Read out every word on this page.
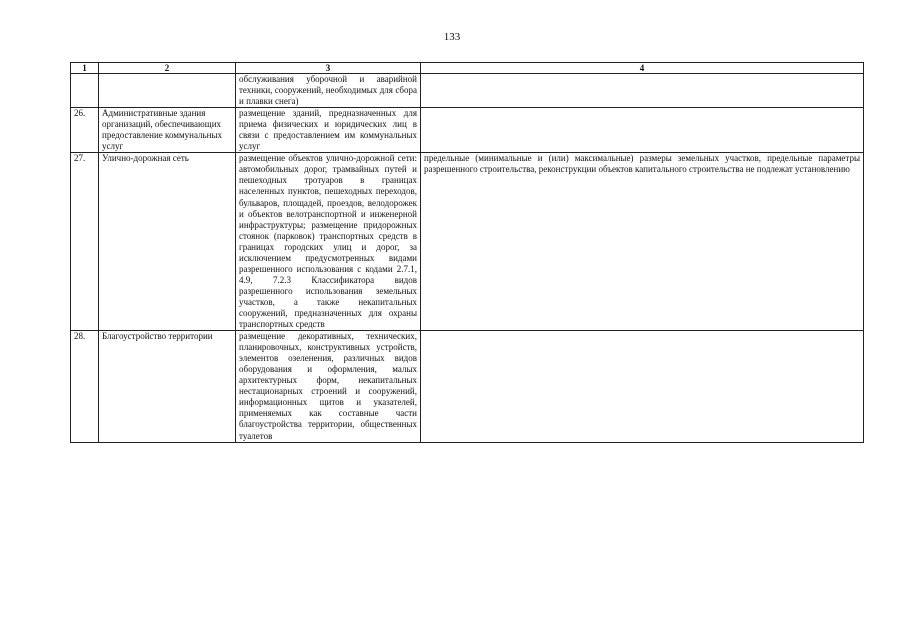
133
1	2	3	4
		обслуживания уборочной и аварийной техники, сооружений, необходимых для сбора и плавки снега)	
26.	Административные здания организаций, обеспечивающих предоставление коммунальных услуг	размещение зданий, предназначенных для приема физических и юридических лиц в связи с предоставлением им коммунальных услуг	
27.	Улично-дорожная сеть	размещение объектов улично-дорожной сети: автомобильных дорог, трамвайных путей и пешеходных тротуаров в границах населенных пунктов, пешеходных переходов, бульваров, площадей, проездов, велодорожек и объектов велотранспортной и инженерной инфраструктуры; размещение придорожных стоянок (парковок) транспортных средств в границах городских улиц и дорог, за исключением предусмотренных видами разрешенного использования с кодами 2.7.1, 4.9, 7.2.3 Классификатора видов разрешенного использования земельных участков, а также некапитальных сооружений, предназначенных для охраны транспортных средств	предельные (минимальные и (или) максимальные) размеры земельных участков, предельные параметры разрешенного строительства, реконструкции объектов капитального строительства не подлежат установлению
28.	Благоустройство территории	размещение декоративных, технических, планировочных, конструктивных устройств, элементов озеленения, различных видов оборудования и оформления, малых архитектурных форм, некапитальных нестационарных строений и сооружений, информационных щитов и указателей, применяемых как составные части благоустройства территории, общественных туалетов	
